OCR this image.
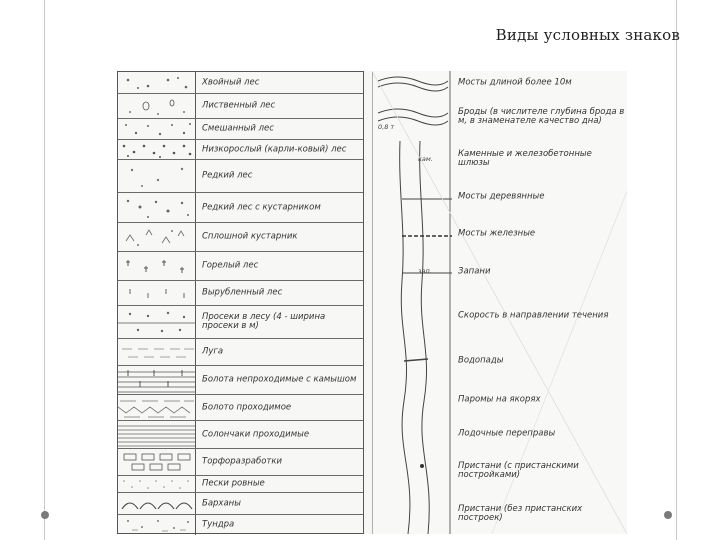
Виды условных знаков
Хвойный лес
Лиственный лес
Смешанный лес
Низкорослый (карли-ковый) лес
Редкий лес
Редкий лес с кустарником
Сплошной кустарник
Горелый лес
Вырубленный лес
Просеки в лесу (4 - ширина просеки в м)
Луга
Болота непроходимые с камышом
Болото проходимое
Солончаки проходимые
Торфоразработки
Пески ровные
Барханы
Тундра
0,8 т
кам.
зап.
Мосты длиной более 10м
Броды (в числителе глубина брода в м, в знаменателе качество дна)
Каменные и железобетонные шлюзы
Мосты деревянные
Мосты железные
Запани
Скорость в направлении течения
Водопады
Паромы на якорях
Лодочные переправы
Пристани (с пристанскими постройками)
Пристани (без пристанских построек)
